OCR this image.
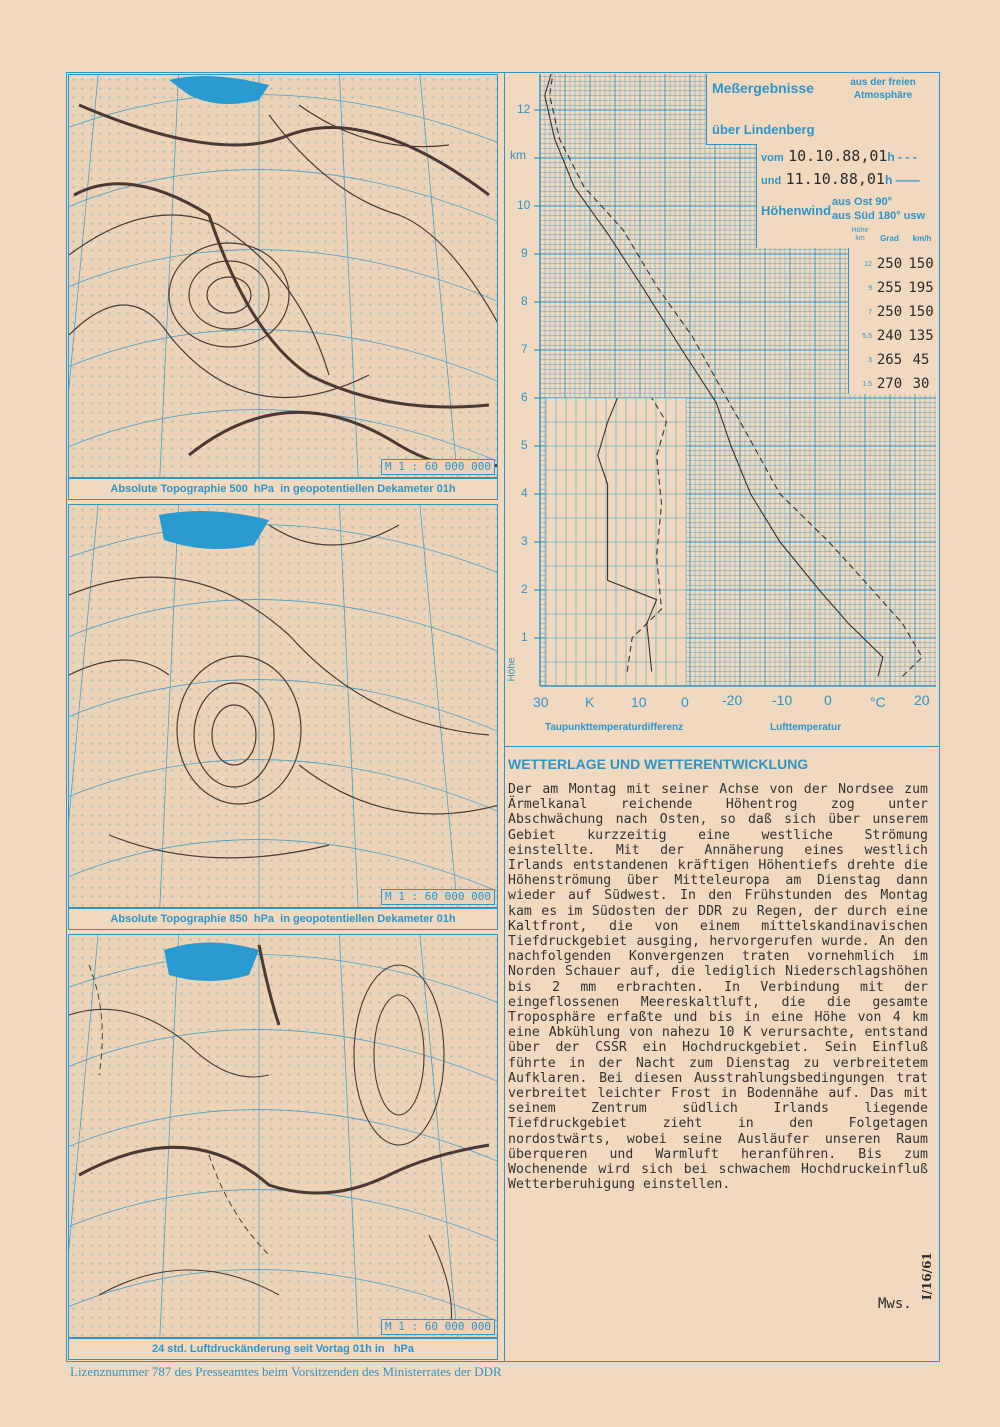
M 1 : 60 000 000
Absolute Topographie 500  hPa  in geopotentiellen Dekameter 01h
M 1 : 60 000 000
Absolute Topographie 850  hPa  in geopotentiellen Dekameter 01h
M 1 : 60 000 000
24 std. Luftdruckänderung seit Vortag 01h in   hPa
Meßergebnisse	aus der freien Atmosphäre
über Lindenberg
vom 10.10.88,01h - - -
und 11.10.88,01h ——
Höhenwind
aus Ost 90°
aus Süd 180° usw
Höhe km	Grad	km/h
12 250 150
9 255 195
7 250 150
5.5 240 135
3 265 45
1.5 270 30
12
10
9
8
7
6
5
4
3
2
1
km
Höhe
30	K	10 0 -20 -10 0	°C 20
Taupunkttemperaturdifferenz	Lufttemperatur
WETTERLAGE UND WETTERENTWICKLUNG

Der am Montag mit seiner Achse von der Nordsee zum Ärmelkanal reichende Höhentrog zog unter Abschwächung nach Osten, so daß sich über unserem Gebiet kurzzeitig eine westliche Strömung einstellte. Mit der Annäherung eines westlich Irlands entstandenen kräftigen Höhentiefs drehte die Höhenströmung über Mitteleuropa am Dienstag dann wieder auf Südwest. In den Frühstunden des Montag kam es im Südosten der DDR zu Regen, der durch eine Kaltfront, die von einem mittelskandinavischen Tiefdruckgebiet ausging, hervorgerufen wurde. An den nachfolgenden Konvergenzen traten vornehmlich im Norden Schauer auf, die lediglich Niederschlagshöhen bis 2 mm erbrachten. In Verbindung mit der eingeflossenen Meereskaltluft, die die gesamte Troposphäre erfaßte und bis in eine Höhe von 4 km eine Abkühlung von nahezu 10 K verursachte, entstand über der CSSR ein Hochdruckgebiet. Sein Einfluß führte in der Nacht zum Dienstag zu verbreitetem Aufklaren. Bei diesen Ausstrahlungsbedingungen trat verbreitet leichter Frost in Bodennähe auf. Das mit seinem Zentrum südlich Irlands liegende Tiefdruckgebiet zieht in den Folgetagen nordostwärts, wobei seine Ausläufer unseren Raum überqueren und Warmluft heranführen. Bis zum Wochenende wird sich bei schwachem Hochdruckeinfluß Wetterberuhigung einstellen.

Mws.
I/16/61
Lizenznummer 787 des Presseamtes beim Vorsitzenden des Ministerrates der DDR
